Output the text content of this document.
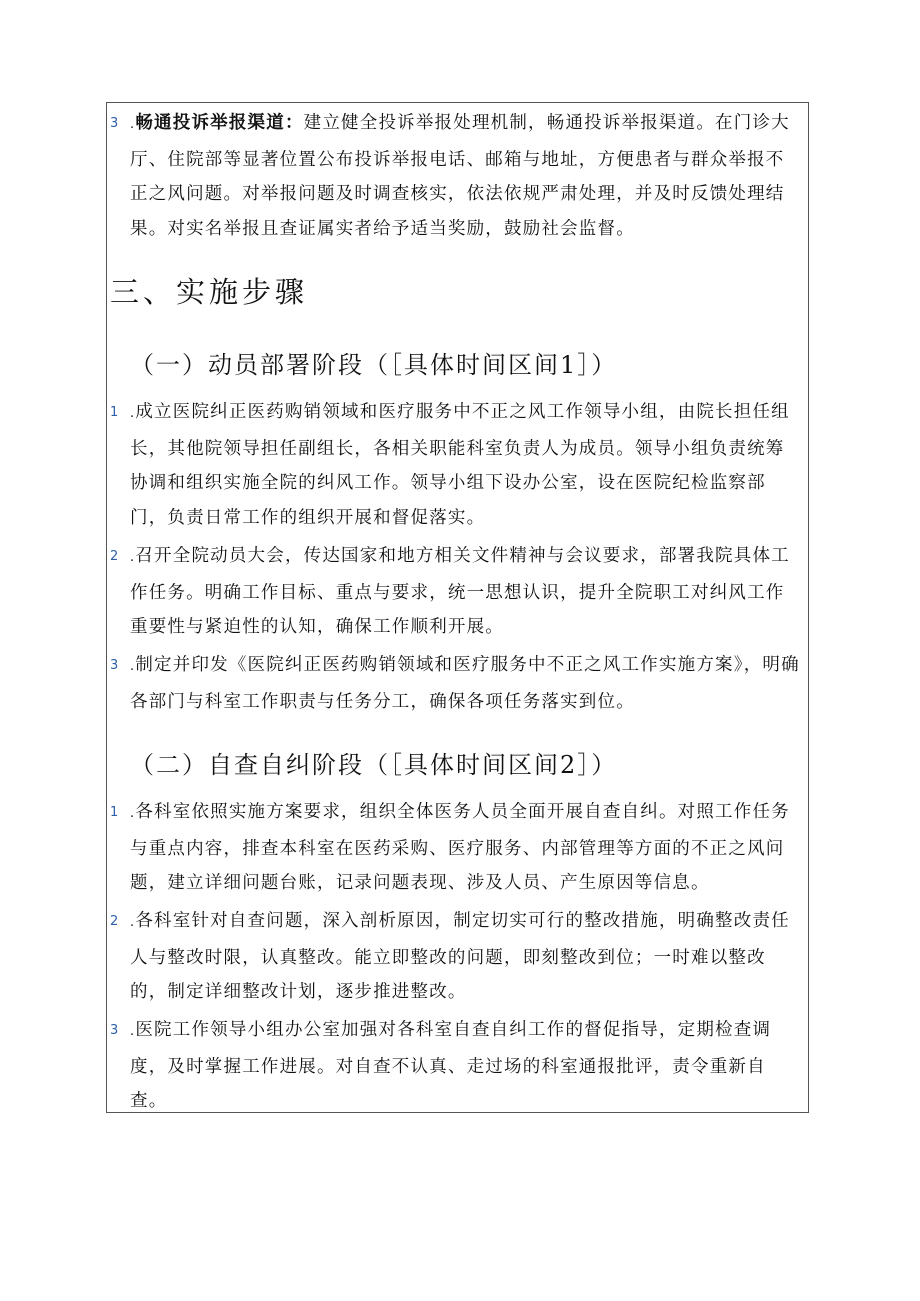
3 .畅通投诉举报渠道：建立健全投诉举报处理机制，畅通投诉举报渠道。在门诊大厅、住院部等显著位置公布投诉举报电话、邮箱与地址，方便患者与群众举报不正之风问题。对举报问题及时调查核实，依法依规严肃处理，并及时反馈处理结果。对实名举报且查证属实者给予适当奖励，鼓励社会监督。

三、实施步骤
（一）动员部署阶段（［具体时间区间1］）
1 .成立医院纠正医药购销领域和医疗服务中不正之风工作领导小组，由院长担任组长，其他院领导担任副组长，各相关职能科室负责人为成员。领导小组负责统筹协调和组织实施全院的纠风工作。领导小组下设办公室，设在医院纪检监察部门，负责日常工作的组织开展和督促落实。

2 .召开全院动员大会，传达国家和地方相关文件精神与会议要求，部署我院具体工作任务。明确工作目标、重点与要求，统一思想认识，提升全院职工对纠风工作重要性与紧迫性的认知，确保工作顺利开展。

3 .制定并印发《医院纠正医药购销领域和医疗服务中不正之风工作实施方案》，明确各部门与科室工作职责与任务分工，确保各项任务落实到位。

（二）自查自纠阶段（［具体时间区间2］）
1 .各科室依照实施方案要求，组织全体医务人员全面开展自查自纠。对照工作任务与重点内容，排查本科室在医药采购、医疗服务、内部管理等方面的不正之风问题，建立详细问题台账，记录问题表现、涉及人员、产生原因等信息。

2 .各科室针对自查问题，深入剖析原因，制定切实可行的整改措施，明确整改责任人与整改时限，认真整改。能立即整改的问题，即刻整改到位；一时难以整改的，制定详细整改计划，逐步推进整改。

3 .医院工作领导小组办公室加强对各科室自查自纠工作的督促指导，定期检查调度，及时掌握工作进展。对自查不认真、走过场的科室通报批评，责令重新自查。
